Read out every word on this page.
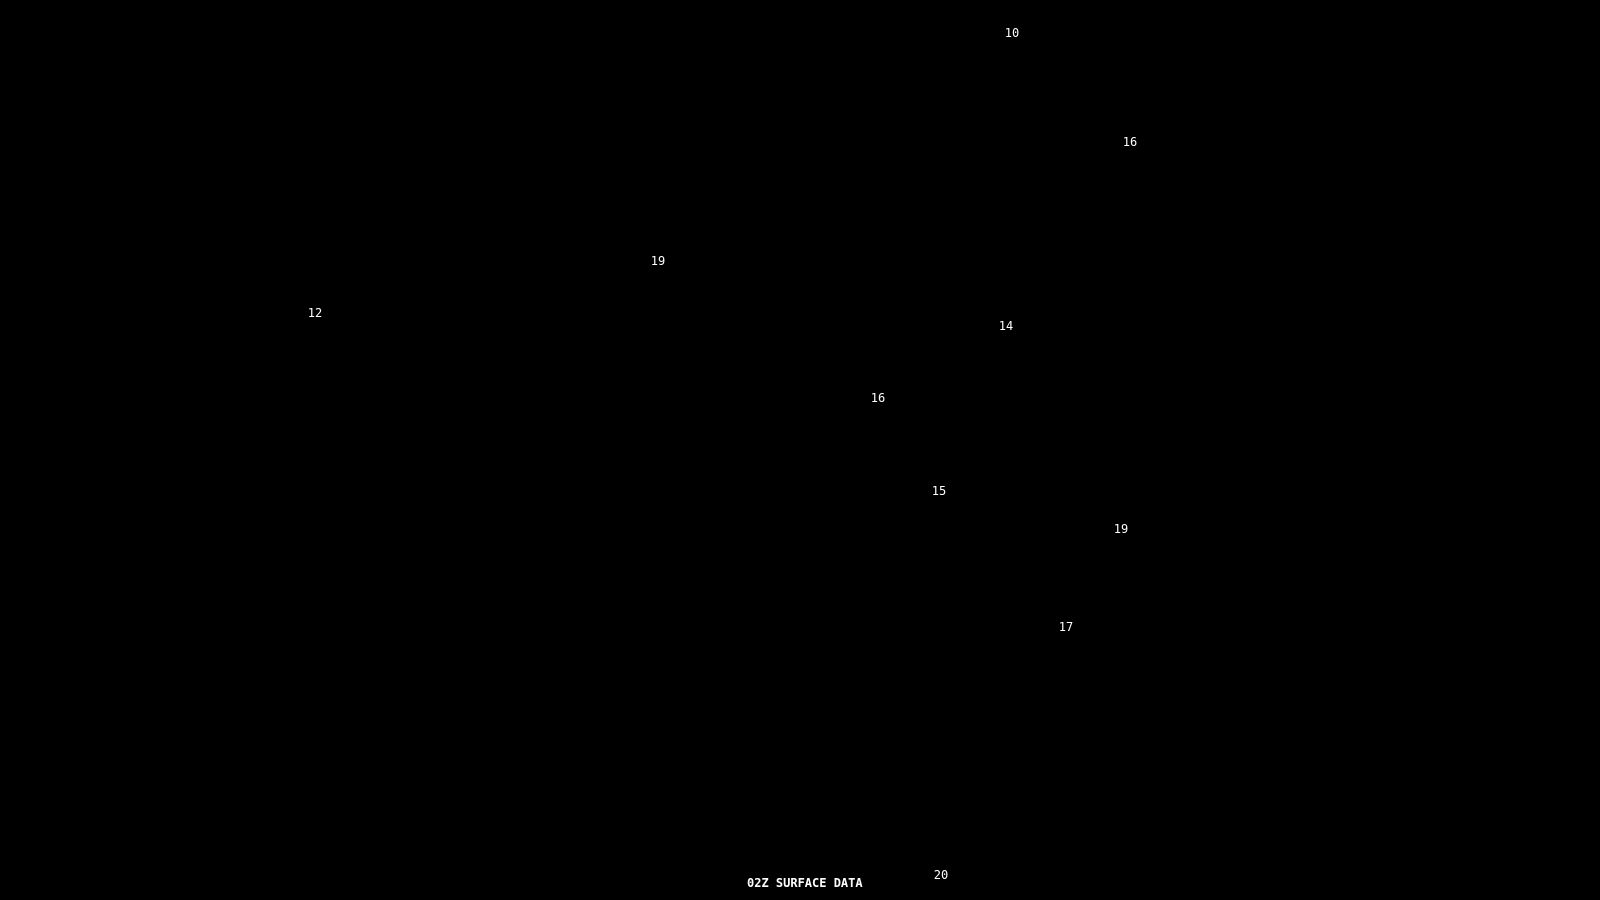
10
16
19
12
14
16
15
19
17
20
02Z SURFACE DATA
